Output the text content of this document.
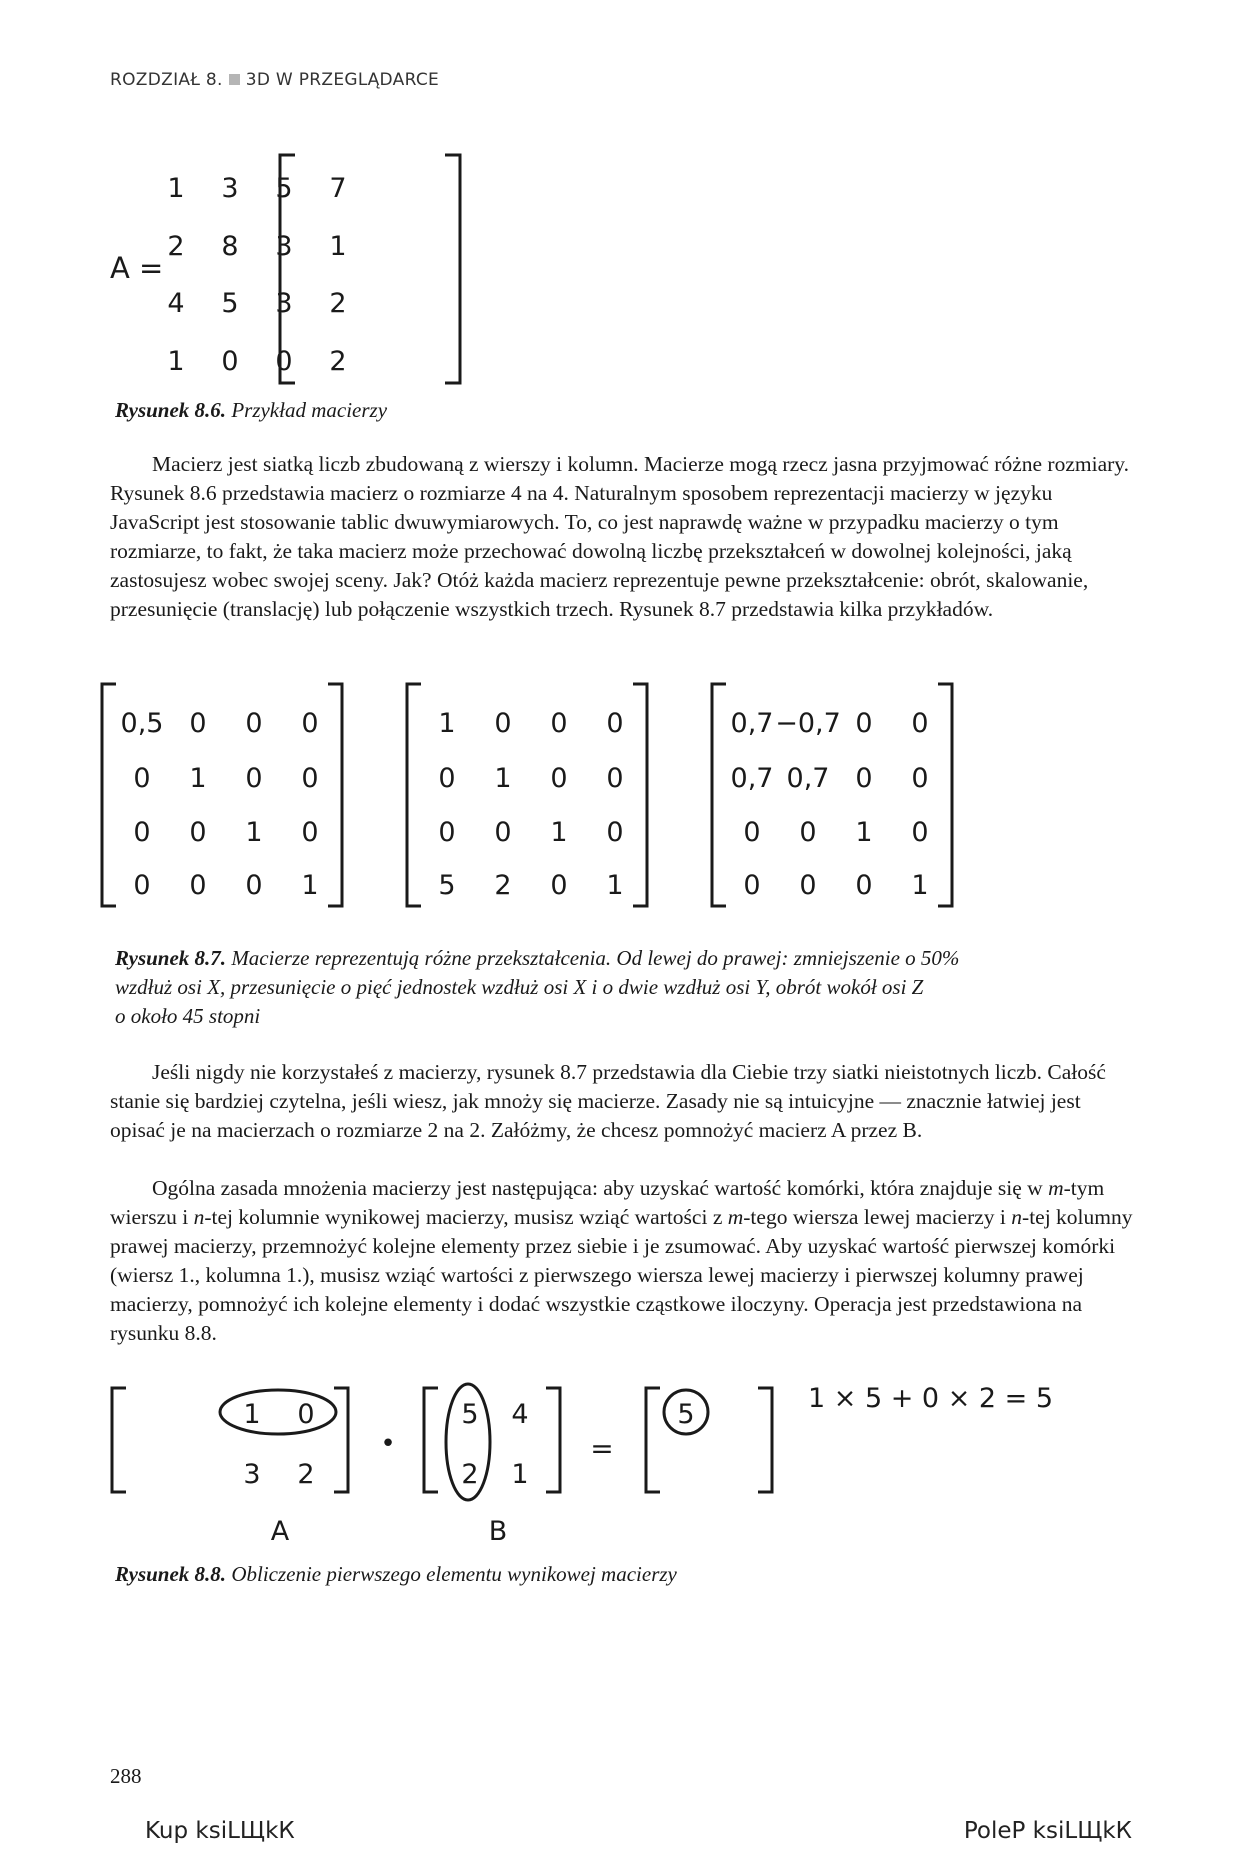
ROZDZIAŁ 8. 3D W PRZEGLĄDARCE
A =
1 3 5 7
2 8 3 1
4 5 3 2
1 0 0 2
Rysunek 8.6. Przykład macierzy

Macierz jest siatką liczb zbudowaną z wierszy i kolumn. Macierze mogą rzecz jasna przyjmować różne rozmiary. Rysunek 8.6 przedstawia macierz o rozmiarze 4 na 4. Naturalnym sposobem reprezentacji macierzy w języku JavaScript jest stosowanie tablic dwuwymiarowych. To, co jest naprawdę ważne w przypadku macierzy o tym rozmiarze, to fakt, że taka macierz może przechować dowolną liczbę przekształceń w dowolnej kolejności, jaką zastosujesz wobec swojej sceny. Jak? Otóż każda macierz reprezentuje pewne przekształcenie: obrót, skalowanie, przesunięcie (translację) lub połączenie wszystkich trzech. Rysunek 8.7 przedstawia kilka przykładów.

0,5 0 0 0
0 1 0 0
0 0 1 0
0 0 0 1
1 0 0 0
0 1 0 0
0 0 1 0
5 2 0 1
0,7 −0,7 0 0
0,7 0,7 0 0
0 0 1 0
0 0 0 1
Rysunek 8.7. Macierze reprezentują różne przekształcenia. Od lewej do prawej: zmniejszenie o 50%
wzdłuż osi X, przesunięcie o pięć jednostek wzdłuż osi X i o dwie wzdłuż osi Y, obrót wokół osi Z
o około 45 stopni

Jeśli nigdy nie korzystałeś z macierzy, rysunek 8.7 przedstawia dla Ciebie trzy siatki nieistotnych liczb. Całość stanie się bardziej czytelna, jeśli wiesz, jak mnoży się macierze. Zasady nie są intuicyjne — znacznie łatwiej jest opisać je na macierzach o rozmiarze 2 na 2. Załóżmy, że chcesz pomnożyć macierz A przez B.

Ogólna zasada mnożenia macierzy jest następująca: aby uzyskać wartość komórki, która znajduje się w m-tym wierszu i n-tej kolumnie wynikowej macierzy, musisz wziąć wartości z m-tego wiersza lewej macierzy i n-tej kolumny prawej macierzy, przemnożyć kolejne elementy przez siebie i je zsumować. Aby uzyskać wartość pierwszej komórki (wiersz 1., kolumna 1.), musisz wziąć wartości z pierwszego wiersza lewej macierzy i pierwszej kolumny prawej macierzy, pomnożyć ich kolejne elementy i dodać wszystkie cząstkowe iloczyny. Operacja jest przedstawiona na rysunku 8.8.

1 0
3 2
A
•
5 4
2 1
B
=
5
1 × 5 + 0 × 2 = 5
Rysunek 8.8. Obliczenie pierwszego elementu wynikowej macierzy
288
Kup ksiLЩkК	PoleР ksiLЩkК
